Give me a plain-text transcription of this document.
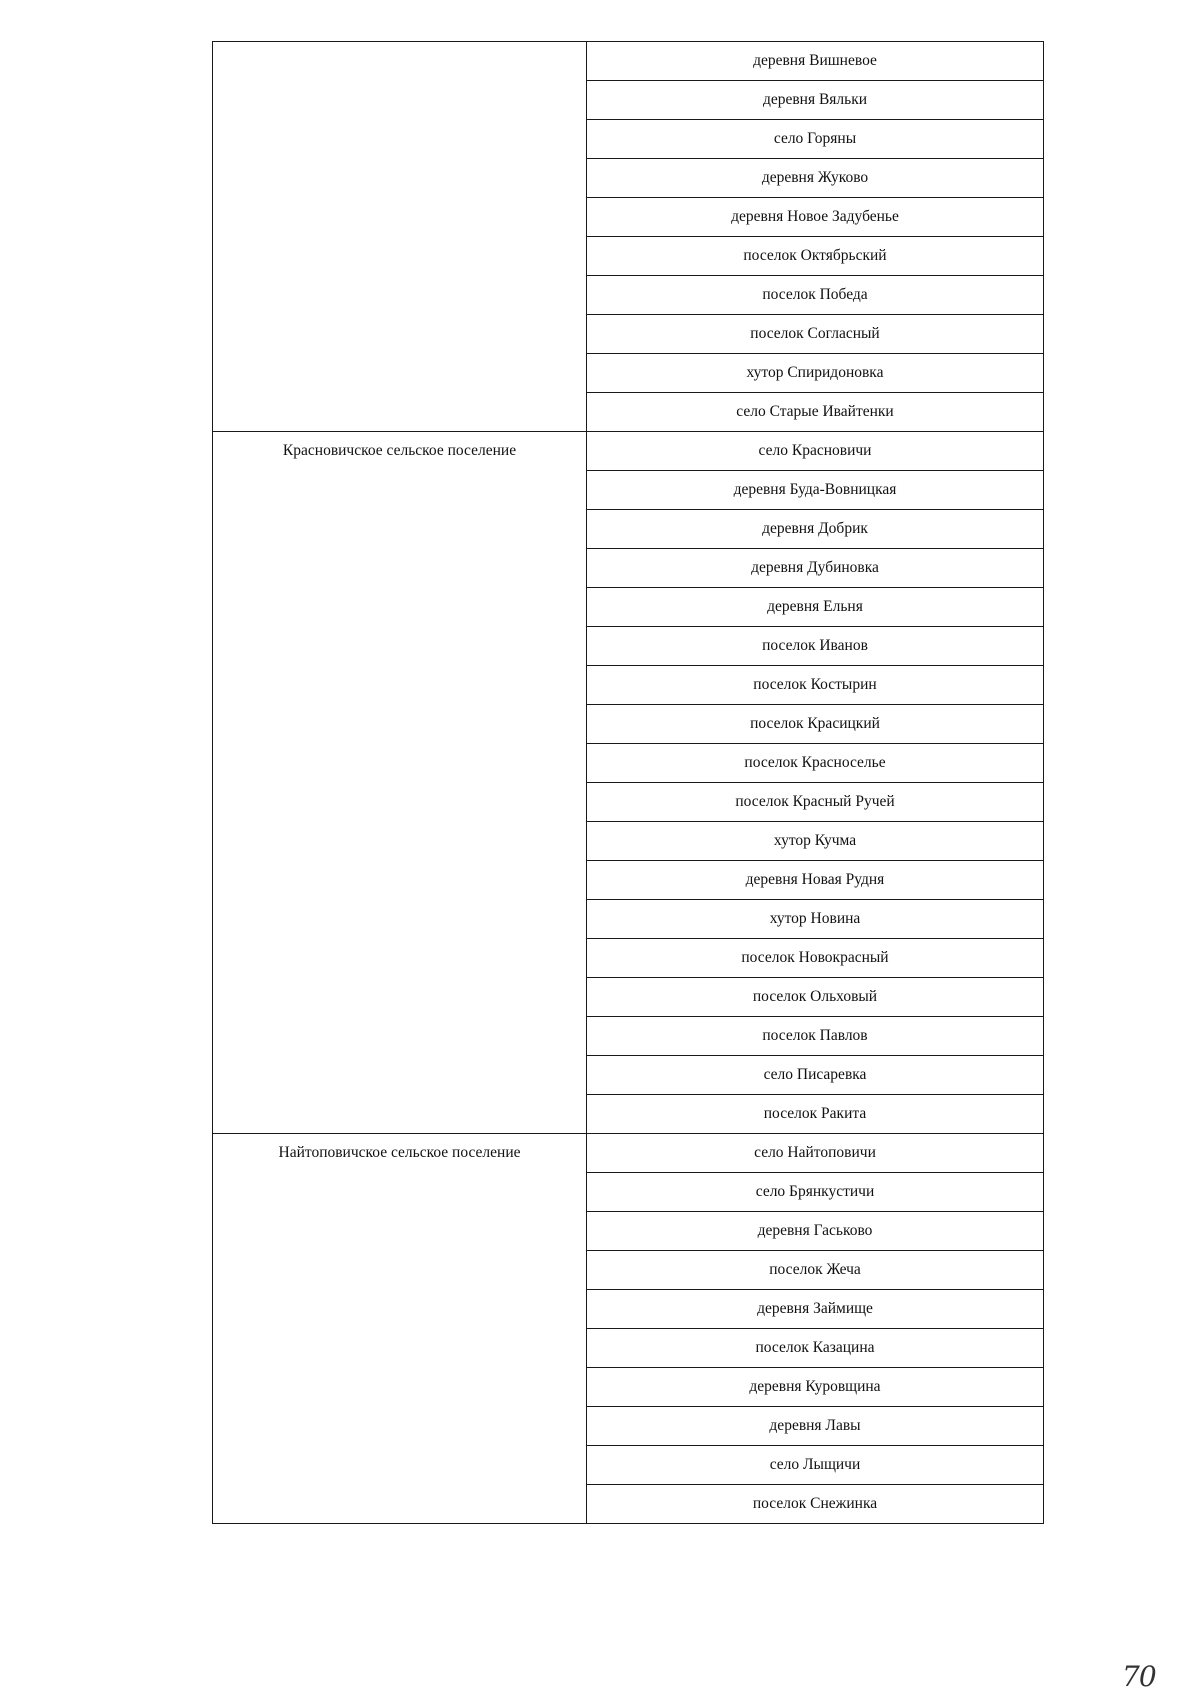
	деревня Вишневое
	деревня Вяльки
	село Горяны
	деревня Жуково
	деревня Новое Задубенье
	поселок Октябрьский
	поселок Победа
	поселок Согласный
	хутор Спиридоновка
	село Старые Ивайтенки
Красновичское сельское поселение	село Красновичи
	деревня Буда-Вовницкая
	деревня Добрик
	деревня Дубиновка
	деревня Ельня
	поселок Иванов
	поселок Костырин
	поселок Красицкий
	поселок Красноселье
	поселок Красный Ручей
	хутор Кучма
	деревня Новая Рудня
	хутор Новина
	поселок Новокрасный
	поселок Ольховый
	поселок Павлов
	село Писаревка
	поселок Ракита
Найтоповичское сельское поселение	село Найтоповичи
	село Брянкустичи
	деревня Гаськово
	поселок Жеча
	деревня Займище
	поселок Казацина
	деревня Куровщина
	деревня Лавы
	село Лыщичи
	поселок Снежинка
70
